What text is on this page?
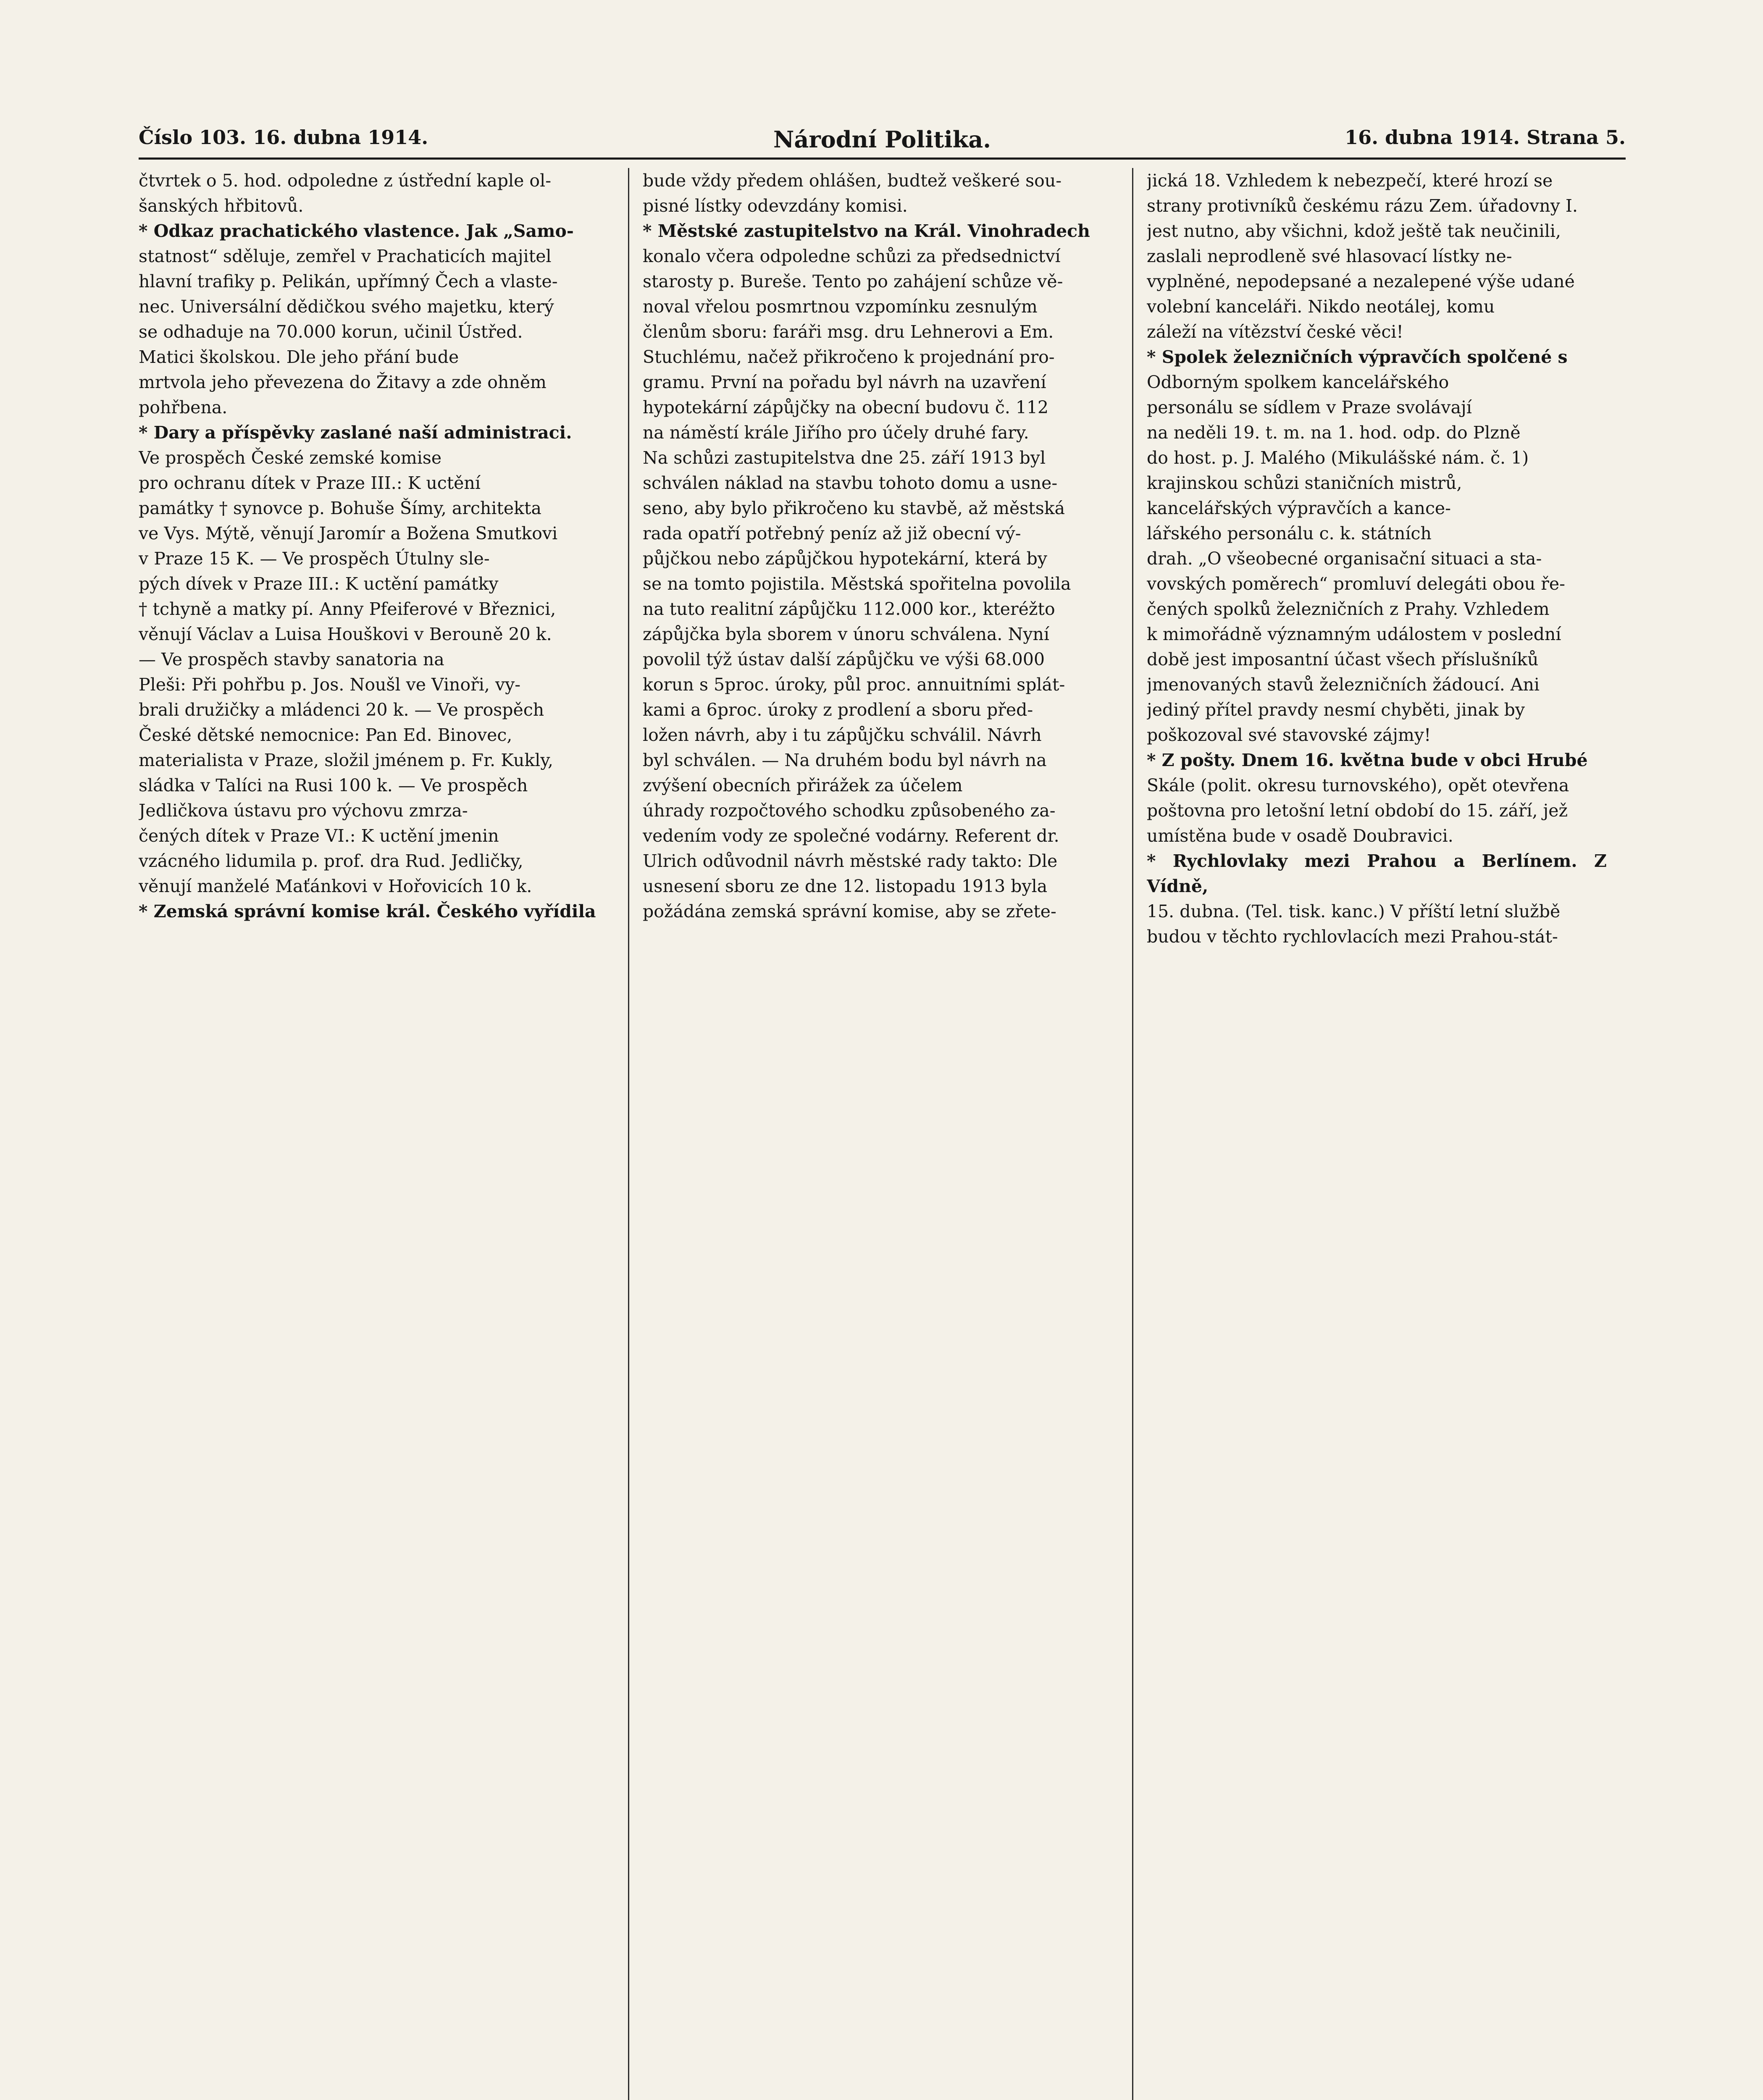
Číslo 103. 16. dubna 1914.	Národní Politika.	16. dubna 1914. Strana 5.

čtvrtek o 5. hod. odpoledne z ústřední kaple ol-

šanských hřbitovů.

* Odkaz prachatického vlastence. Jak „Samo-

statnost“ sděluje, zemřel v Prachaticích majitel

hlavní trafiky p. Pelikán, upřímný Čech a vlaste-

nec. Universální dědičkou svého majetku, který

se odhaduje na 70.000 korun, učinil Ústřed.

Matici školskou. Dle jeho přání bude

mrtvola jeho převezena do Žitavy a zde ohněm

pohřbena.

* Dary a příspěvky zaslané naší administraci.

Ve prospěch České zemské komise

pro ochranu dítek v Praze III.: K uctění

památky † synovce p. Bohuše Šímy, architekta

ve Vys. Mýtě, věnují Jaromír a Božena Smutkovi

v Praze 15 K. — Ve prospěch Útulny sle-

pých dívek v Praze III.: K uctění památky

† tchyně a matky pí. Anny Pfeiferové v Březnici,

věnují Václav a Luisa Houškovi v Berouně 20 k.

— Ve prospěch stavby sanatoria na

Pleši: Při pohřbu p. Jos. Noušl ve Vinoři, vy-

brali družičky a mládenci 20 k. — Ve prospěch

České dětské nemocnice: Pan Ed. Binovec,

materialista v Praze, složil jménem p. Fr. Kukly,

sládka v Talíci na Rusi 100 k. — Ve prospěch

Jedličkova ústavu pro výchovu zmrza-

čených dítek v Praze VI.: K uctění jmenin

vzácného lidumila p. prof. dra Rud. Jedličky,

věnují manželé Maťánkovi v Hořovicích 10 k.

* Zemská správní komise král. Českého vyřídila

bude vždy předem ohlášen, budtež veškeré sou-

pisné lístky odevzdány komisi.

* Městské zastupitelstvo na Král. Vinohradech

konalo včera odpoledne schůzi za předsednictví

starosty p. Bureše. Tento po zahájení schůze vě-

noval vřelou posmrtnou vzpomínku zesnulým

členům sboru: faráři msg. dru Lehnerovi a Em.

Stuchlému, načež přikročeno k projednání pro-

gramu. První na pořadu byl návrh na uzavření

hypotekární zápůjčky na obecní budovu č. 112

na náměstí krále Jiřího pro účely druhé fary.

Na schůzi zastupitelstva dne 25. září 1913 byl

schválen náklad na stavbu tohoto domu a usne-

seno, aby bylo přikročeno ku stavbě, až městská

rada opatří potřebný peníz až již obecní vý-

půjčkou nebo zápůjčkou hypotekární, která by

se na tomto pojistila. Městská spořitelna povolila

na tuto realitní zápůjčku 112.000 kor., kteréžto

zápůjčka byla sborem v únoru schválena. Nyní

povolil týž ústav další zápůjčku ve výši 68.000

korun s 5proc. úroky, půl proc. annuitními splát-

kami a 6proc. úroky z prodlení a sboru před-

ložen návrh, aby i tu zápůjčku schválil. Návrh

byl schválen. — Na druhém bodu byl návrh na

zvýšení obecních přirážek za účelem

úhrady rozpočtového schodku způsobeného za-

vedením vody ze společné vodárny. Referent dr.

Ulrich odůvodnil návrh městské rady takto: Dle

usnesení sboru ze dne 12. listopadu 1913 byla

požádána zemská správní komise, aby se zřete-

jická 18. Vzhledem k nebezpečí, které hrozí se

strany protivníků českému rázu Zem. úřadovny I.

jest nutno, aby všichni, kdož ještě tak neučinili,

zaslali neprodleně své hlasovací lístky ne-

vyplněné, nepodepsané a nezalepené výše udané

volební kanceláři. Nikdo neotálej, komu

záleží na vítězství české věci!

* Spolek železničních výpravčích spolčené s

Odborným spolkem kancelářského

personálu se sídlem v Praze svolávají

na neděli 19. t. m. na 1. hod. odp. do Plzně

do host. p. J. Malého (Mikulášské nám. č. 1)

krajinskou schůzi staničních mistrů,

kancelářských výpravčích a kance-

lářského personálu c. k. státních

drah. „O všeobecné organisační situaci a sta-

vovských poměrech“ promluví delegáti obou ře-

čených spolků železničních z Prahy. Vzhledem

k mimořádně významným událostem v poslední

době jest imposantní účast všech příslušníků

jmenovaných stavů železničních žádoucí. Ani

jediný přítel pravdy nesmí chyběti, jinak by

poškozoval své stavovské zájmy!

* Z pošty. Dnem 16. května bude v obci Hrubé

Skále (polit. okresu turnovského), opět otevřena

poštovna pro letošní letní období do 15. září, jež

umístěna bude v osadě Doubravici.

* Rychlovlaky mezi Prahou a Berlínem. Z Vídně,

15. dubna. (Tel. tisk. kanc.) V příští letní službě

budou v těchto rychlovlacích mezi Prahou-stát-
